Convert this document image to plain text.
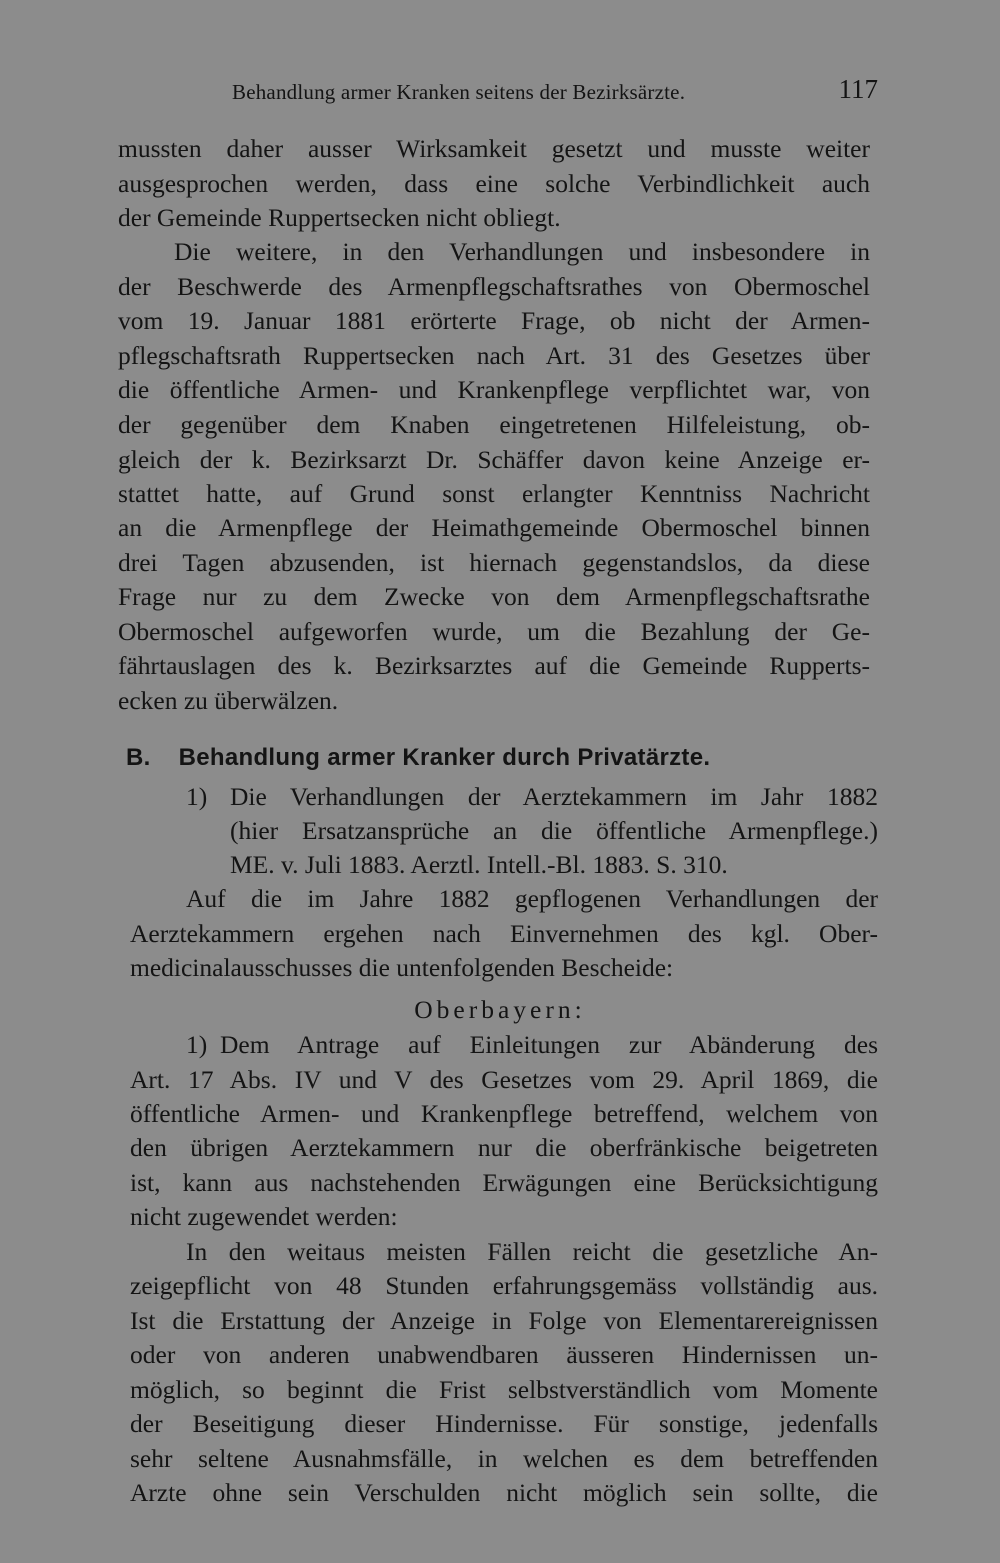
Behandlung armer Kranken seitens der Bezirksärzte.	117
mussten daher ausser Wirksamkeit gesetzt und musste weiter
ausgesprochen werden, dass eine solche Verbindlichkeit auch
der Gemeinde Ruppertsecken nicht obliegt.
Die weitere, in den Verhandlungen und insbesondere in
der Beschwerde des Armenpflegschaftsrathes von Obermoschel
vom 19. Januar 1881 erörterte Frage, ob nicht der Armen-
pflegschaftsrath Ruppertsecken nach Art. 31 des Gesetzes über
die öffentliche Armen- und Krankenpflege verpflichtet war, von
der gegenüber dem Knaben eingetretenen Hilfeleistung, ob-
gleich der k. Bezirksarzt Dr. Schäffer davon keine Anzeige er-
stattet hatte, auf Grund sonst erlangter Kenntniss Nachricht
an die Armenpflege der Heimathgemeinde Obermoschel binnen
drei Tagen abzusenden, ist hiernach gegenstandslos, da diese
Frage nur zu dem Zwecke von dem Armenpflegschaftsrathe
Obermoschel aufgeworfen wurde, um die Bezahlung der Ge-
fährtauslagen des k. Bezirksarztes auf die Gemeinde Rupperts-
ecken zu überwälzen.
B. Behandlung armer Kranker durch Privatärzte.
1) Die Verhandlungen der Aerztekammern im Jahr 1882
(hier Ersatzansprüche an die öffentliche Armenpflege.)
ME. v. Juli 1883. Aerztl. Intell.-Bl. 1883. S. 310.
Auf die im Jahre 1882 gepflogenen Verhandlungen der
Aerztekammern ergehen nach Einvernehmen des kgl. Ober-
medicinalausschusses die untenfolgenden Bescheide:
Oberbayern:
1) Dem Antrage auf Einleitungen zur Abänderung des
Art. 17 Abs. IV und V des Gesetzes vom 29. April 1869, die
öffentliche Armen- und Krankenpflege betreffend, welchem von
den übrigen Aerztekammern nur die oberfränkische beigetreten
ist, kann aus nachstehenden Erwägungen eine Berücksichtigung
nicht zugewendet werden:
In den weitaus meisten Fällen reicht die gesetzliche An-
zeigepflicht von 48 Stunden erfahrungsgemäss vollständig aus.
Ist die Erstattung der Anzeige in Folge von Elementarereignissen
oder von anderen unabwendbaren äusseren Hindernissen un-
möglich, so beginnt die Frist selbstverständlich vom Momente
der Beseitigung dieser Hindernisse. Für sonstige, jedenfalls
sehr seltene Ausnahmsfälle, in welchen es dem betreffenden
Arzte ohne sein Verschulden nicht möglich sein sollte, die
